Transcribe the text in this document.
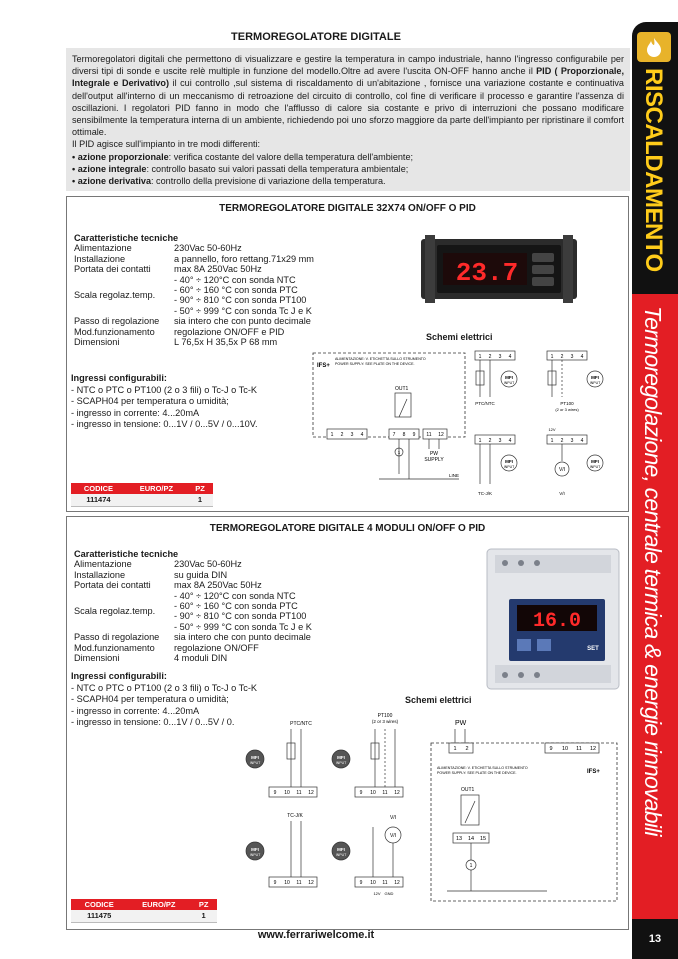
RISCALDAMENTO
Termoregolazione, centrale termica & energie rinnovabili
13
TERMOREGOLATORE DIGITALE

Termoregolatori digitali che permettono di visualizzare e gestire la temperatura in campo industriale, hanno l'ingresso configurabile per diversi tipi di sonde e uscite relè multiple in funzione del modello.Oltre ad avere l'uscita ON-OFF hanno anche il PID ( Proporzionale, Integrale e Derivativo) il cui controllo ,sul sistema di riscaldamento di un'abitazione , fornisce una variazione costante e continuativa dell'output all'interno di un meccanismo di retroazione del circuito di controllo, col fine di verificare il processo e garantire l'assenza di oscillazioni. I regolatori PID fanno in modo che l'afflusso di calore sia costante e privo di interruzioni che possano modificare sensibilmente la temperatura interna di un ambiente, richiedendo poi uno sforzo maggiore da parte dell'impianto per ripristinare il comfort ottimale.

Il PID agisce sull'impianto in tre modi differenti:

• azione proporzionale: verifica costante del valore della temperatura dell'ambiente;

• azione integrale: controllo basato sui valori passati della temperatura ambientale;

• azione derivativa: controllo della previsione di variazione della temperatura.

TERMOREGOLATORE DIGITALE 32X74 ON/OFF O PID
Caratteristiche tecniche
Alimentazione	230Vac 50-60Hz
Installazione	a pannello, foro rettang.71x29 mm
Portata dei contatti	max 8A 250Vac 50Hz
Scala regolaz.temp.	- 40° ÷ 120°C con sonda NTC
- 60° ÷ 160 °C con sonda PTC
- 90° ÷ 810 °C con sonda PT100
- 50° ÷ 999 °C con sonda Tc J e K

Passo di regolazione	sia intero che con punto decimale
Mod.funzionamento	regolazione ON/OFF e PID
Dimensioni	L 76,5x H 35,5x P 68 mm
Ingressi configurabili:
- NTC o PTC o PT100 (2 o 3 fili) o Tc-J o Tc-K
- SCAPH04 per temperatura o umidità;
- ingresso in corrente: 4...20mA
- ingresso in tensione: 0...1V / 0...5V / 0...10V.
23.7
Schemi elettrici
IFS+
ALIMENTAZIONE: V. ETICHETTA SULLO STRUMENTO
POWER SUPPLY: SEE PLATE ON THE DEVICE.
OUT1
1 2 3 4	7 8 9 11 12
1	PW
SUPPLY
LINE
1 2 3 4	1 2 3 4
PTC/NTC
MFI
INPUT
PT100
(2 or 3 wires)
MFI
INPUT
1 2 3 4	1 2 3 4
TC-J/K
MFI
INPUT
12V
V/I
V/I
MFI
INPUT
CODICE	EURO/PZ	PZ
111474		1
TERMOREGOLATORE DIGITALE 4 MODULI ON/OFF O PID
Caratteristiche tecniche
Alimentazione	230Vac 50-60Hz
Installazione	su guida DIN
Portata dei contatti	max 8A 250Vac 50Hz
Scala regolaz.temp.	- 40° ÷ 120°C con sonda NTC
- 60° ÷ 160 °C con sonda PTC
- 90° ÷ 810 °C con sonda PT100
- 50° ÷ 999 °C con sonda Tc J e K

Passo di regolazione	sia intero che con punto decimale
Mod.funzionamento	regolazione ON/OFF
Dimensioni	4 moduli DIN
Ingressi configurabili:
- NTC o PTC o PT100 (2 o 3 fili) o Tc-J o Tc-K
- SCAPH04 per temperatura o umidità;
- ingresso in corrente: 4...20mA
- ingresso in tensione: 0...1V / 0...5V / 0.
16.0
SET
Schemi elettrici
PTC/NTC
PT100
(2 or 3 wires)
MFI
INPUT
MFI
INPUT
9 10 11 12	9 10 11 12
TC-J/K
MFI
INPUT
V/I
V/I
MFI
INPUT
9 10 11 12	9 10 11 12
12V GND
PW
1 2	9 10 11 12
ALIMENTAZIONE: V. ETICHETTA SULLO STRUMENTO
POWER SUPPLY: SEE PLATE ON THE DEVICE.	IFS+
OUT1
13 14 15
1
CODICE	EURO/PZ	PZ
111475		1
www.ferrariwelcome.it
